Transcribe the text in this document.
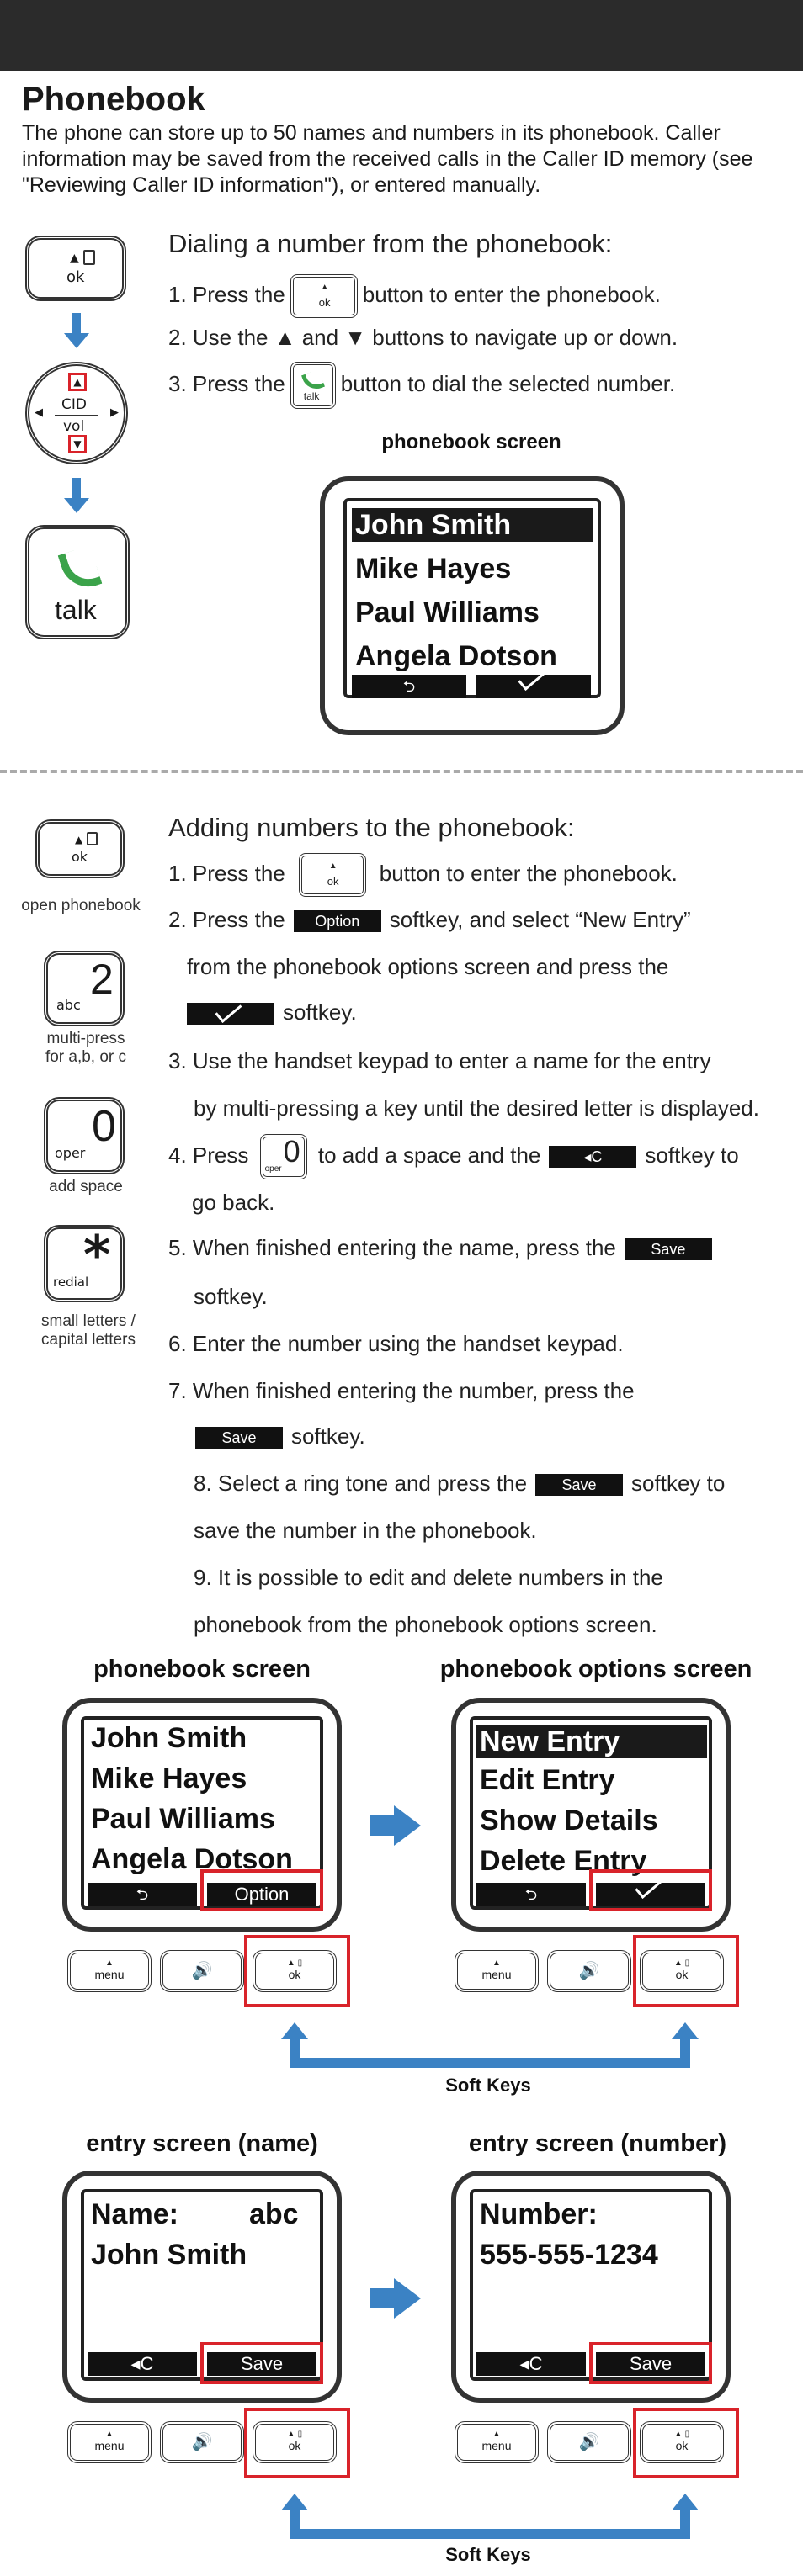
Phonebook
The phone can store up to 50 names and numbers in its phonebook. Caller information may be saved from the received calls in the Caller ID memory (see "Reviewing Caller ID information"), or entered manually.
▲
ok
▲
CID
◀	▶
vol
▼
talk
Dialing a number from the phonebook:
1. Press the ▲ ok	button to enter the phonebook.
2. Use the ▲ and ▼ buttons to navigate up or down.
3. Press the
talk
button to dial the selected number.
phonebook screen
John Smith
Mike Hayes
Paul Williams
Angela Dotson
⮌
▲
ok
open phonebook
2
abc
multi-press
for a,b, or c
0
oper
add space
*
redial
small letters /
capital letters
Adding numbers to the phonebook:
1. Press the ▲ ok	button to enter the phonebook.
2. Press the Option softkey, and select “New Entry”
from the phonebook options screen and press the
softkey.
3. Use the handset keypad to enter a name for the entry
by multi-pressing a key until the desired letter is displayed.
4. Press 0
oper
to add a space and the	◂C softkey to
go back.
5. When finished entering the name, press the Save
softkey.
6. Enter the number using the handset keypad.
7. When finished entering the number, press the
Save softkey.
8. Select a ring tone and press the Save softkey to
save the number in the phonebook.
9. It is possible to edit and delete numbers in the
phonebook from the phonebook options screen.
phonebook screen	phonebook options screen
John Smith
Mike Hayes
Paul Williams
Angela Dotson
⮌	Option
▲
menu	🔊	▲ ▯
ok
New Entry
Edit Entry
Show Details
Delete Entry
⮌
▲
menu	🔊	▲ ▯
ok
Soft Keys
entry screen (name)	entry screen (number)
Name: abc
John Smith
◂C	Save
▲
menu	🔊	▲ ▯
ok
Number:
555-555-1234
◂C	Save
▲
menu	🔊	▲ ▯
ok
Soft Keys
